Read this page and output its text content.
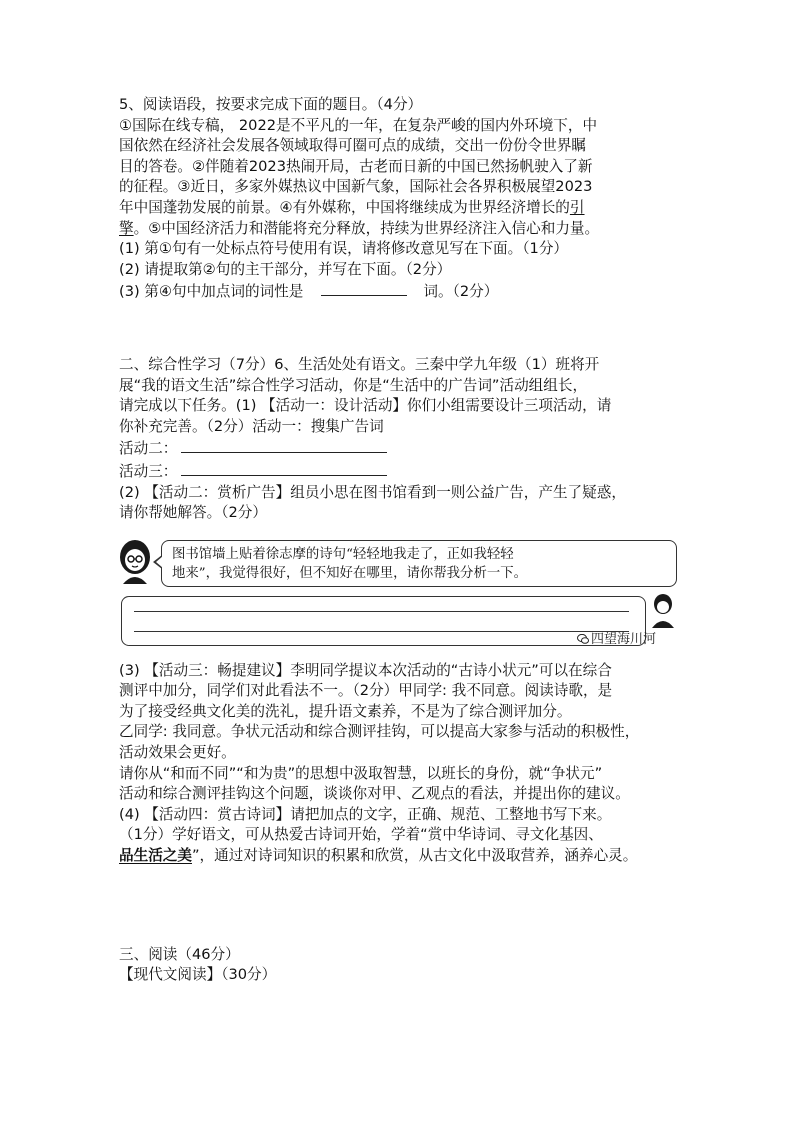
5、阅读语段，按要求完成下面的题目。（4分）
①国际在线专稿， 2022是不平凡的一年，在复杂严峻的国内外环境下，中
国依然在经济社会发展各领域取得可圈可点的成绩，交出一份份令世界瞩
目的答卷。②伴随着2023热闹开局，古老而日新的中国已然扬帆驶入了新
的征程。③近日，多家外媒热议中国新气象，国际社会各界积极展望2023
年中国蓬勃发展的前景。④有外媒称，中国将继续成为世界经济增长的引
擎。⑤中国经济活力和潜能将充分释放，持续为世界经济注入信心和力量。
(1) 第①句有一处标点符号使用有误，请将修改意见写在下面。（1分）
(2) 请提取第②句的主干部分，并写在下面。（2分）
(3) 第④句中加点词的词性是	词。（2分）
二、综合性学习（7分）6、生活处处有语文。三秦中学九年级（1）班将开
展“我的语文生活”综合性学习活动，你是“生活中的广告词”活动组组长，
请完成以下任务。(1) 【活动一：设计活动】你们小组需要设计三项活动，请
你补充完善。（2分）活动一：搜集广告词
活动二：
活动三：
(2) 【活动二：赏析广告】组员小思在图书馆看到一则公益广告，产生了疑惑，
请你帮她解答。（2分）
图书馆墙上贴着徐志摩的诗句“轻轻地我走了，正如我轻轻
地来”，我觉得很好，但不知好在哪里，请你帮我分析一下。
四望海川河
(3) 【活动三：畅提建议】李明同学提议本次活动的“古诗小状元”可以在综合
测评中加分，同学们对此看法不一。（2分）甲同学: 我不同意。阅读诗歌，是
为了接受经典文化美的洗礼，提升语文素养，不是为了综合测评加分。
乙同学: 我同意。争状元活动和综合测评挂钩，可以提高大家参与活动的积极性，
活动效果会更好。
请你从“和而不同”“和为贵”的思想中汲取智慧，以班长的身份，就“争状元”
活动和综合测评挂钩这个问题，谈谈你对甲、乙观点的看法，并提出你的建议。
(4) 【活动四：赏古诗词】请把加点的文字，正确、规范、工整地书写下来。
（1分）学好语文，可从热爱古诗词开始，学着“赏中华诗词、寻文化基因、
品生活之美”，通过对诗词知识的积累和欣赏，从古文化中汲取营养，涵养心灵。
三、阅读（46分）
【现代文阅读】（30分）
